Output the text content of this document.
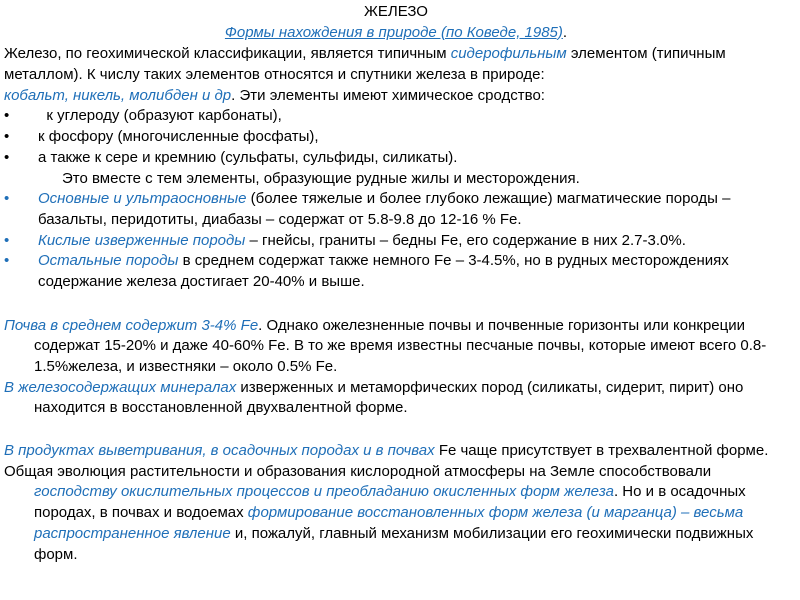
ЖЕЛЕЗО

Формы нахождения в природе (по Коведе, 1985).

Железо, по геохимической классификации, является типичным сидерофильным элементом (типичным металлом). К числу таких элементов относятся и спутники железа в природе:
кобальт, никель, молибден и др. Эти элементы имеют химическое сродство:

•	к углероду (образуют карбонаты),
•	к фосфору (многочисленные фосфаты),
•	а также к сере и кремнию (сульфаты, сульфиды, силикаты).

Это вместе с тем элементы, образующие рудные жилы и месторождения.

•	Основные и ультраосновные (более тяжелые и более глубоко лежащие) магматические породы – базальты, перидотиты, диабазы – содержат от 5.8-9.8 до 12-16 % Fe.
•	Кислые изверженные породы – гнейсы, граниты – бедны Fe, его содержание в них 2.7-3.0%.
•	Остальные породы в среднем содержат также немного Fe – 3-4.5%, но в рудных месторождениях содержание железа достигает 20-40% и выше.

Почва в среднем содержит 3-4% Fe. Однако ожелезненные почвы и почвенные горизонты или конкреции содержат 15-20% и даже 40-60% Fe. В то же время известны песчаные почвы, которые имеют всего 0.8-1.5%железа, и известняки – около 0.5% Fe.

В железосодержащих минералах изверженных и метаморфических пород (силикаты, сидерит, пирит) оно находится в восстановленной двухвалентной форме.

В продуктах выветривания, в осадочных породах и в почвах Fe чаще присутствует в трехвалентной форме.

Общая эволюция растительности и образования кислородной атмосферы на Земле способствовали господству окислительных процессов и преобладанию окисленных форм железа. Но и в осадочных породах, в почвах и водоемах формирование восстановленных форм железа (и марганца) – весьма распространенное явление и, пожалуй, главный механизм мобилизации его геохимически подвижных форм.
